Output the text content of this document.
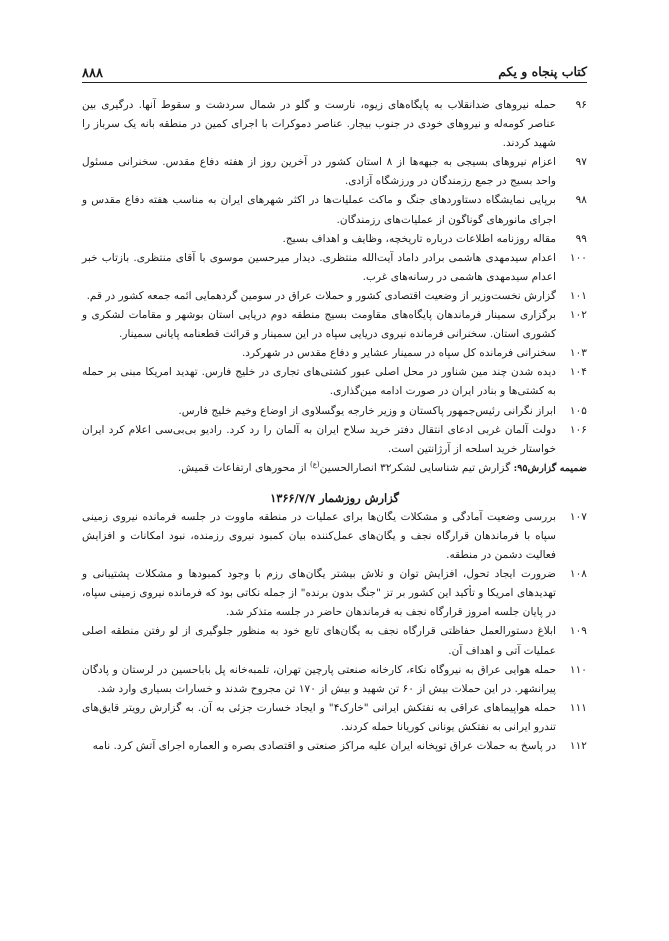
کتاب پنجاه و یکم
۸۸۸
۹۶
حمله نیروهای ضدانقلاب به پایگاه‌های زیوه، نارست و گلو در شمال سردشت و سقوط آنها. درگیری بین عناصر کومه‌له و نیروهای خودی در جنوب بیجار. عناصر دموکرات با اجرای کمین در منطقه بانه یک سرباز را شهید کردند.
۹۷
اعزام نیروهای بسیجی به جبهه‌ها از ۸ استان کشور در آخرین روز از هفته دفاع مقدس. سخنرانی مسئول واحد بسیج در جمع رزمندگان در ورزشگاه آزادی.
۹۸
برپایی نمایشگاه دستاوردهای جنگ و ماکت عملیات‌ها در اکثر شهرهای ایران به مناسب هفته دفاع مقدس و اجرای مانورهای گوناگون از عملیات‌های رزمندگان.
۹۹
مقاله روزنامه اطلاعات درباره تاریخچه، وظایف و اهداف بسیج.
۱۰۰
اعدام سیدمهدی هاشمی برادر داماد آیت‌الله منتظری. دیدار میرحسین موسوی با آقای منتظری. بازتاب خبر اعدام سیدمهدی هاشمی در رسانه‌های غرب.
۱۰۱
گزارش نخست‌وزیر از وضعیت اقتصادی کشور و حملات عراق در سومین گردهمایی ائمه جمعه کشور در قم.
۱۰۲
برگزاری سمینار فرماندهان پایگاه‌های مقاومت بسیج منطقه دوم دریایی استان بوشهر و مقامات لشکری و کشوری استان. سخنرانی فرمانده نیروی دریایی سپاه در این سمینار و قرائت قطعنامه پایانی سمینار.
۱۰۳
سخنرانی فرمانده کل سپاه در سمینار عشایر و دفاع مقدس در شهرکرد.
۱۰۴
دیده شدن چند مین شناور در محل اصلی عبور کشتی‌های تجاری در خلیج فارس. تهدید امریکا مبنی بر حمله به کشتی‌ها و بنادر ایران در صورت ادامه مین‌گذاری.
۱۰۵
ابراز نگرانی رئیس‌جمهور پاکستان و وزیر خارجه یوگسلاوی از اوضاع وخیم خلیج فارس.
۱۰۶
دولت آلمان غربی ادعای انتقال دفتر خرید سلاح ایران به آلمان را رد کرد. رادیو بی‌بی‌سی اعلام کرد ایران خواستار خرید اسلحه از آرژانتین است.
ضمیمه گزارش۹۵: گزارش تیم شناسایی لشکر۳۲ انصارالحسین$^{(ع)}$ از محورهای ارتفاعات قمیش.
گزارش روزشمار ۱۳۶۶/۷/۷
۱۰۷
بررسی وضعیت آمادگی و مشکلات یگان‌ها برای عملیات در منطقه ماووت در جلسه فرمانده نیروی زمینی سپاه با فرماندهان قرارگاه نجف و یگان‌های عمل‌کننده بیان کمبود نیروی رزمنده، نبود امکانات و افزایش فعالیت دشمن در منطقه.
۱۰۸
ضرورت ایجاد تحول، افزایش توان و تلاش بیشتر یگان‌های رزم با وجود کمبودها و مشکلات پشتیبانی و تهدیدهای امریکا و تأکید این کشور بر تز "جنگ بدون برنده" از جمله نکاتی بود که فرمانده نیروی زمینی سپاه، در پایان جلسه امروز قرارگاه نجف به فرماندهان حاضر در جلسه متذکر شد.
۱۰۹
ابلاغ دستورالعمل حفاظتی قرارگاه نجف به یگان‌های تابع خود به منظور جلوگیری از لو رفتن منطقه اصلی عملیات آتی و اهداف آن.
۱۱۰
حمله هوایی عراق به نیروگاه نکاء، کارخانه صنعتی پارچین تهران، تلمبه‌خانه پل باباحسین در لرستان و پادگان پیرانشهر. در این حملات بیش از ۶۰ تن شهید و بیش از ۱۷۰ تن مجروح شدند و خسارات بسیاری وارد شد.
۱۱۱
حمله هواپیماهای عراقی به نفتکش ایرانی "خارک۴" و ایجاد خسارت جزئی به آن. به گزارش رویتر قایق‌های تندرو ایرانی به نفتکش یونانی کوریانا حمله کردند.
۱۱۲
در پاسخ به حملات عراق توپخانه ایران علیه مراکز صنعتی و اقتصادی بصره و العماره اجرای آتش کرد. نامه
